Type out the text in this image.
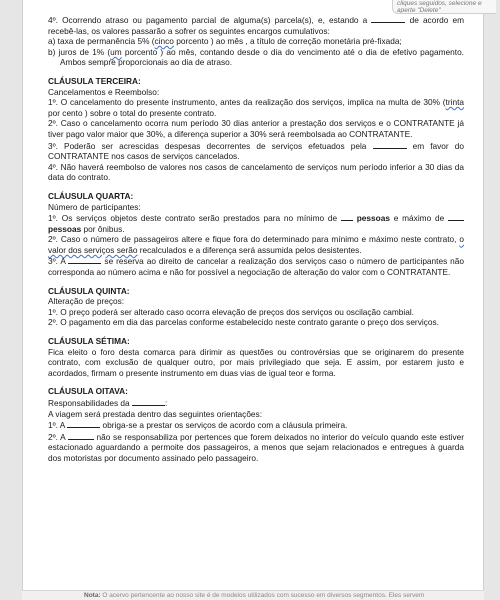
cliques seguidos, selecione e aperte "Delete"

4º. Ocorrendo atraso ou pagamento parcial de alguma(s) parcela(s), e, estando a	de acordo em recebê-las, os valores passarão a sofrer os seguintes encargos cumulativos:

a) taxa de permanência 5% (cinco porcento ) ao mês , a título de correção monetária pré-fixada;

b) juros de 1% (um porcento ) ao mês, contando desde o dia do vencimento até o dia de efetivo pagamento. Ambos sempre proporcionais ao dia de atraso.

CLÁUSULA TERCEIRA:

Cancelamentos e Reembolso:

1º. O cancelamento do presente instrumento, antes da realização dos serviços, implica na multa de 30% (trinta por cento ) sobre o total do presente contrato.

2º. Caso o cancelamento ocorra num período 30 dias anterior a prestação dos serviços e o CONTRATANTE já tiver pago valor maior que 30%, a diferença superior a 30% será reembolsada ao CONTRATANTE.

3º. Poderão ser acrescidas despesas decorrentes de serviços efetuados pela	em favor do CONTRATANTE nos casos de serviços cancelados.

4º. Não haverá reembolso de valores nos casos de cancelamento de serviços num período inferior a 30 dias da data do contrato.

CLÁUSULA QUARTA:

Número de participantes:

1º. Os serviços objetos deste contrato serão prestados para no mínimo de pessoas e máximo de  pessoas por ônibus.

2º. Caso o número de passageiros altere e fique fora do determinado para mínimo e máximo neste contrato, o valor dos serviços serão recalculados e a diferença será assumida pelos desistentes.

3º. A	se reserva ao direito de cancelar a realização dos serviços caso o número de participantes não corresponda ao número acima e não for possível a negociação de alteração do valor com o CONTRATANTE.

CLÁUSULA QUINTA:

Alteração de preços:

1º. O preço poderá ser alterado caso ocorra elevação de preços dos serviços ou oscilação cambial.

2º. O pagamento em dia das parcelas conforme estabelecido neste contrato garante o preço dos serviços.

CLÁUSULA SÉTIMA:

Fica eleito o foro desta comarca para dirimir as questões ou controvérsias que se originarem do presente contrato, com exclusão de qualquer outro, por mais privilegiado que seja. E assim, por estarem justo e acordados, firmam o presente instrumento em duas vias de igual teor e forma.

CLÁUSULA OITAVA:

Responsabilidades da	:

A viagem será prestada dentro das seguintes orientações:

1º. A	obriga-se a prestar os serviços de acordo com a cláusula primeira.

2º. A	não se responsabiliza por pertences que forem deixados no interior do veículo quando este estiver estacionado aguardando a permoite dos passageiros, a menos que sejam relacionados e entregues à guarda dos motoristas por documento assinado pelo passageiro.

Nota: O acervo pertencente ao nosso site é de modelos utilizados com sucesso em diversos segmentos. Eles servem
